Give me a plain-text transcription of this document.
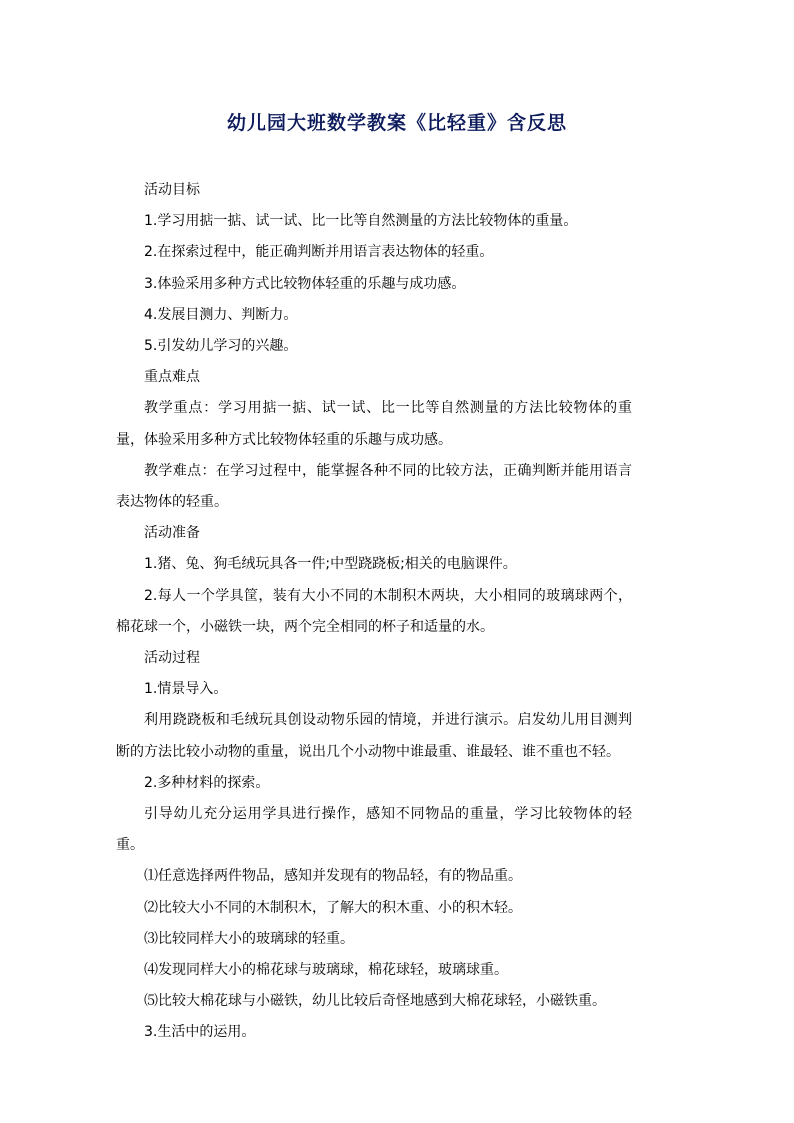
幼儿园大班数学教案《比轻重》含反思

活动目标

1.学习用掂一掂、试一试、比一比等自然测量的方法比较物体的重量。

2.在探索过程中，能正确判断并用语言表达物体的轻重。

3.体验采用多种方式比较物体轻重的乐趣与成功感。

4.发展目测力、判断力。

5.引发幼儿学习的兴趣。

重点难点

教学重点：学习用掂一掂、试一试、比一比等自然测量的方法比较物体的重量，体验采用多种方式比较物体轻重的乐趣与成功感。

教学难点：在学习过程中，能掌握各种不同的比较方法，正确判断并能用语言表达物体的轻重。

活动准备

1.猪、兔、狗毛绒玩具各一件;中型跷跷板;相关的电脑课件。

2.每人一个学具筐，装有大小不同的木制积木两块，大小相同的玻璃球两个，棉花球一个，小磁铁一块，两个完全相同的杯子和适量的水。

活动过程

1.情景导入。

利用跷跷板和毛绒玩具创设动物乐园的情境，并进行演示。启发幼儿用目测判断的方法比较小动物的重量，说出几个小动物中谁最重、谁最轻、谁不重也不轻。

2.多种材料的探索。

引导幼儿充分运用学具进行操作，感知不同物品的重量，学习比较物体的轻重。

⑴任意选择两件物品，感知并发现有的物品轻，有的物品重。

⑵比较大小不同的木制积木，了解大的积木重、小的积木轻。

⑶比较同样大小的玻璃球的轻重。

⑷发现同样大小的棉花球与玻璃球，棉花球轻，玻璃球重。

⑸比较大棉花球与小磁铁，幼儿比较后奇怪地感到大棉花球轻，小磁铁重。

3.生活中的运用。
